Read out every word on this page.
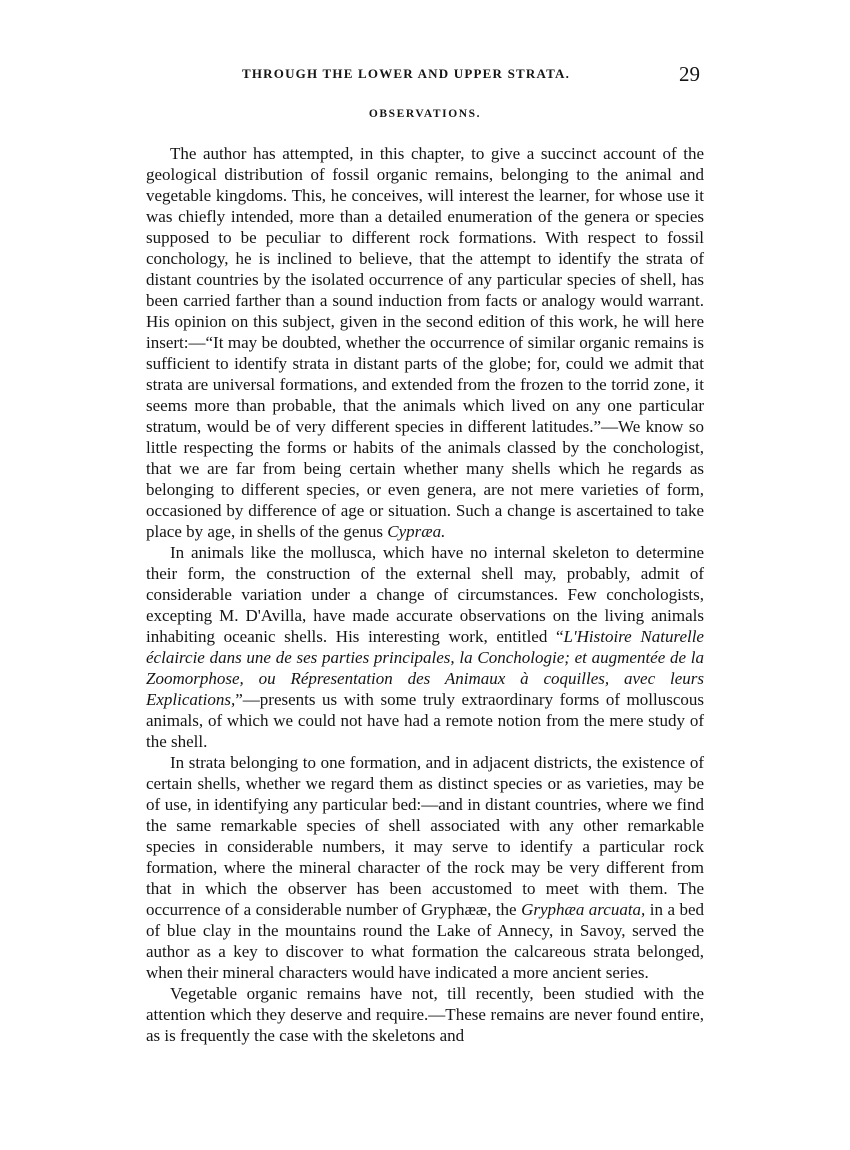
THROUGH THE LOWER AND UPPER STRATA.	29
OBSERVATIONS.

The author has attempted, in this chapter, to give a succinct account of the geological distribution of fossil organic remains, belonging to the animal and vegetable kingdoms. This, he conceives, will interest the learner, for whose use it was chiefly intended, more than a detailed enumeration of the genera or species supposed to be peculiar to different rock formations. With respect to fossil conchology, he is inclined to believe, that the attempt to identify the strata of distant countries by the isolated occurrence of any particular species of shell, has been carried farther than a sound induction from facts or analogy would warrant. His opinion on this subject, given in the second edition of this work, he will here insert:—“It may be doubted, whether the occurrence of similar organic remains is sufficient to identify strata in distant parts of the globe; for, could we admit that strata are universal formations, and extended from the frozen to the torrid zone, it seems more than probable, that the animals which lived on any one particular stratum, would be of very different species in different latitudes.”—We know so little respecting the forms or habits of the animals classed by the conchologist, that we are far from being certain whether many shells which he regards as belonging to different species, or even genera, are not mere varieties of form, occasioned by difference of age or situation. Such a change is ascertained to take place by age, in shells of the genus Cypræa.

In animals like the mollusca, which have no internal skeleton to determine their form, the construction of the external shell may, probably, admit of considerable variation under a change of circumstances. Few conchologists, excepting M. D'Avilla, have made accurate observations on the living animals inhabiting oceanic shells. His interesting work, entitled “L'Histoire Naturelle éclaircie dans une de ses parties principales, la Conchologie; et augmentée de la Zoomorphose, ou Répresentation des Animaux à coquilles, avec leurs Explications,”—presents us with some truly extraordinary forms of molluscous animals, of which we could not have had a remote notion from the mere study of the shell.

In strata belonging to one formation, and in adjacent districts, the existence of certain shells, whether we regard them as distinct species or as varieties, may be of use, in identifying any particular bed:—and in distant countries, where we find the same remarkable species of shell associated with any other remarkable species in considerable numbers, it may serve to identify a particular rock formation, where the mineral character of the rock may be very different from that in which the observer has been accustomed to meet with them. The occurrence of a considerable number of Gryphææ, the Gryphæa arcuata, in a bed of blue clay in the mountains round the Lake of Annecy, in Savoy, served the author as a key to discover to what formation the calcareous strata belonged, when their mineral characters would have indicated a more ancient series.

Vegetable organic remains have not, till recently, been studied with the attention which they deserve and require.—These remains are never found entire, as is frequently the case with the skeletons and
